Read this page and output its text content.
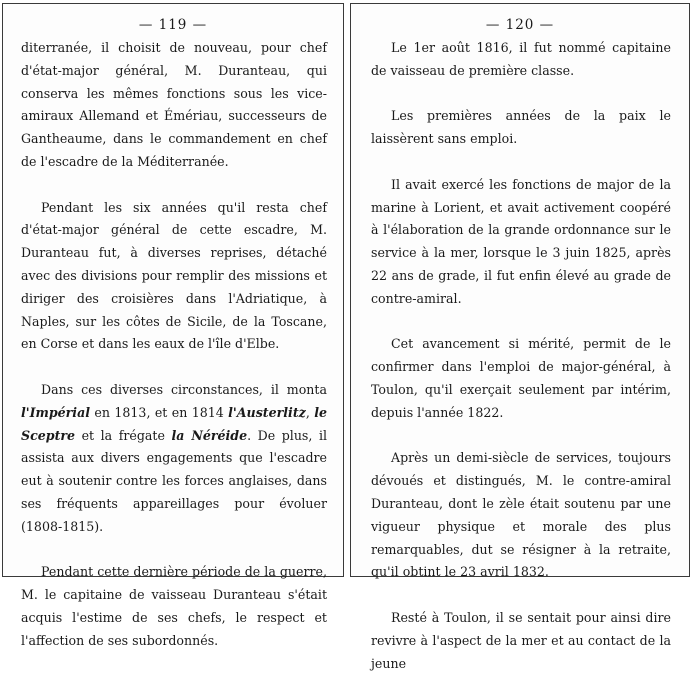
— 119 —

diterranée, il choisit de nouveau, pour chef d'état-major général, M. Duranteau, qui conserva les mêmes fonctions sous les vice-amiraux Allemand et Émériau, successeurs de Gantheaume, dans le commandement en chef de l'escadre de la Méditerranée.

Pendant les six années qu'il resta chef d'état-major général de cette escadre, M. Duranteau fut, à diverses reprises, détaché avec des divisions pour remplir des missions et diriger des croisières dans l'Adriatique, à Naples, sur les côtes de Sicile, de la Toscane, en Corse et dans les eaux de l'île d'Elbe.

Dans ces diverses circonstances, il monta l'Impérial en 1813, et en 1814 l'Austerlitz, le Sceptre et la frégate la Néréide. De plus, il assista aux divers engagements que l'escadre eut à soutenir contre les forces anglaises, dans ses fréquents appareillages pour évoluer (1808-1815).

Pendant cette dernière période de la guerre, M. le capitaine de vaisseau Duranteau s'était acquis l'estime de ses chefs, le respect et l'affection de ses subordonnés.

— 120 —

Le 1er août 1816, il fut nommé capitaine de vaisseau de première classe.

Les premières années de la paix le laissèrent sans emploi.

Il avait exercé les fonctions de major de la marine à Lorient, et avait activement coopéré à l'élaboration de la grande ordonnance sur le service à la mer, lorsque le 3 juin 1825, après 22 ans de grade, il fut enfin élevé au grade de contre-amiral.

Cet avancement si mérité, permit de le confirmer dans l'emploi de major-général, à Toulon, qu'il exerçait seulement par intérim, depuis l'année 1822.

Après un demi-siècle de services, toujours dévoués et distingués, M. le contre-amiral Duranteau, dont le zèle était soutenu par une vigueur physique et morale des plus remarquables, dut se résigner à la retraite, qu'il obtint le 23 avril 1832.

Resté à Toulon, il se sentait pour ainsi dire revivre à l'aspect de la mer et au contact de la jeune
